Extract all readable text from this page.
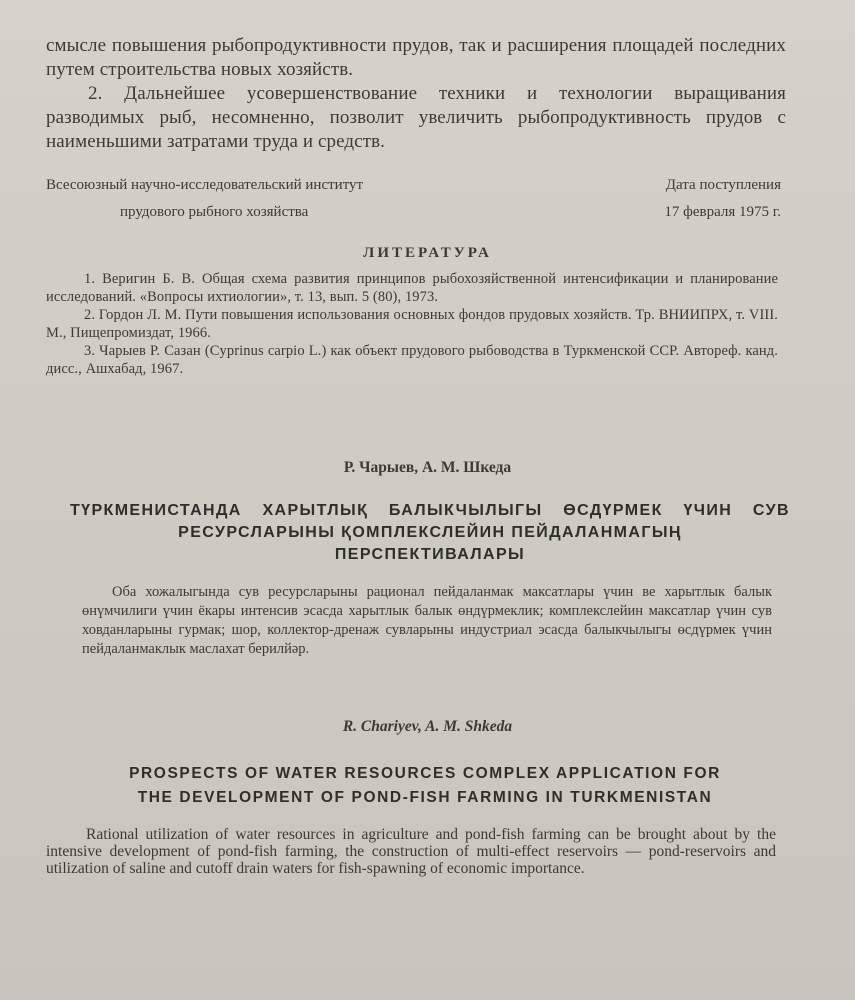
смысле повышения рыбопродуктивности прудов, так и расширения площадей последних путем строительства новых хозяйств.

2. Дальнейшее усовершенствование техники и технологии выращивания разводимых рыб, несомненно, позволит увеличить рыбопродуктивность прудов с наименьшими затратами труда и средств.

Всесоюзный научно-исследовательский институт	Дата поступления
прудового рыбного хозяйства	17 февраля 1975 г.
ЛИТЕРАТУРА

1. Веригин Б. В. Общая схема развития принципов рыбохозяйственной интенсификации и планирование исследований. «Вопросы ихтиологии», т. 13, вып. 5 (80), 1973.

2. Гордон Л. М. Пути повышения использования основных фондов прудовых хозяйств. Тр. ВНИИПРХ, т. VIII. М., Пищепромиздат, 1966.

3. Чарыев Р. Сазан (Cyprinus carpio L.) как объект прудового рыбоводства в Туркменской ССР. Автореф. канд. дисс., Ашхабад, 1967.

Р. Чарыев, А. М. Шкеда
ТҮРКМЕНИСТАНДА ХАРЫТЛЫҚ БАЛЫКЧЫЛЫГЫ ӨСДҮРМЕК ҮЧИН СУВ
РЕСУРСЛАРЫНЫ ҚОМПЛЕКСЛЕЙИН ПЕЙДАЛАНМАГЫҢ
ПЕРСПЕКТИВАЛАРЫ

Оба хожалыгында сув ресурсларыны рационал пейдаланмак максатлары үчин ве харытлык балык өнүмчилиги үчин ёкары интенсив эсасда харытлык балык өндүрмеклик; комплекслейин максатлар үчин сув ховданларыны гурмак; шор, коллектор-дренаж сувларыны индустриал эсасда балыкчылыгы өсдүрмек үчин пейдаланмаклык маслахат берилйәр.

R. Chariyev, A. M. Shkeda
PROSPECTS OF WATER RESOURCES COMPLEX APPLICATION FOR
THE DEVELOPMENT OF POND-FISH FARMING IN TURKMENISTAN

Rational utilization of water resources in agriculture and pond-fish farming can be brought about by the intensive development of pond-fish farming, the construction of multi-effect reservoirs — pond-reservoirs and utilization of saline and cutoff drain waters for fish-spawning of economic importance.
